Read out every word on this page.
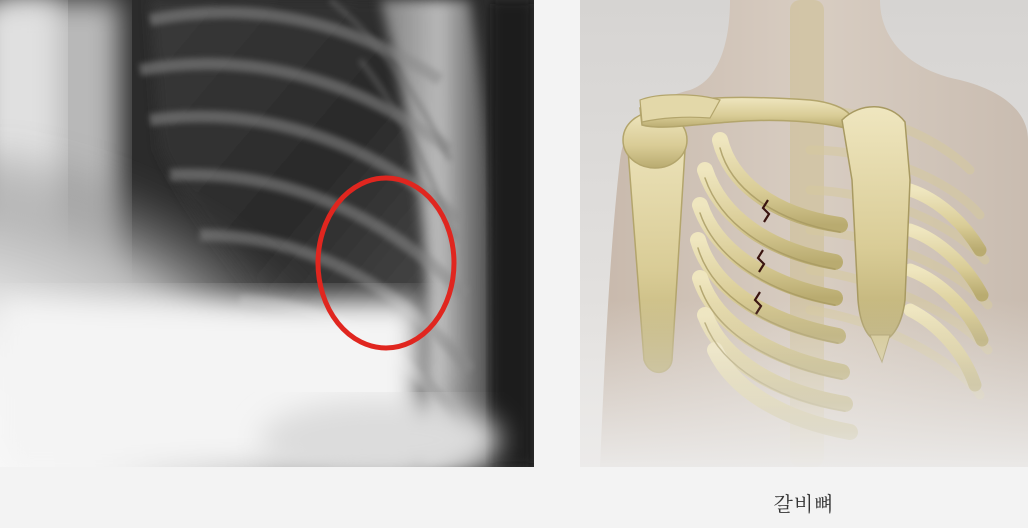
갈비뼈
